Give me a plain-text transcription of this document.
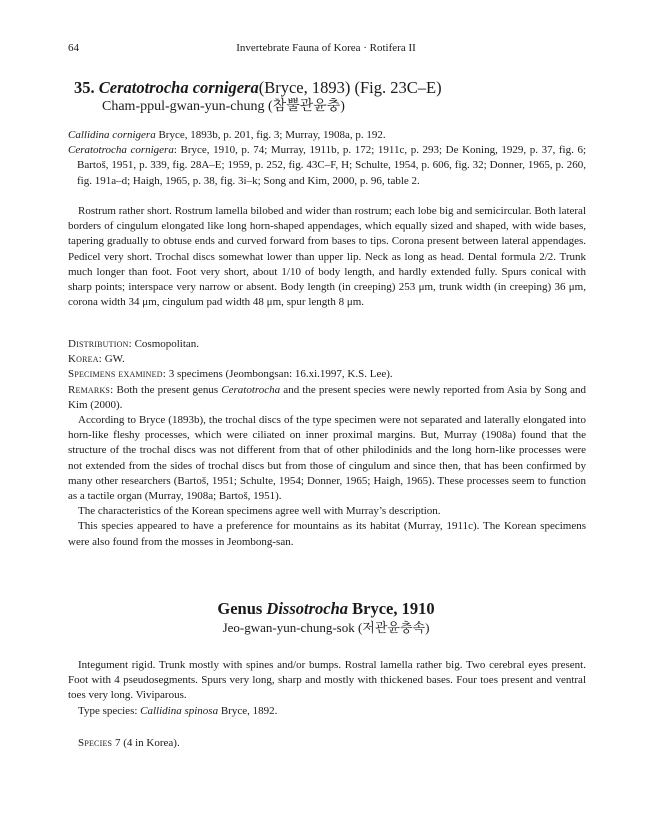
64	Invertebrate Fauna of Korea · Rotifera II
35. Ceratotrocha cornigera(Bryce, 1893) (Fig. 23C–E)
Cham-ppul-gwan-yun-chung (참뿔관윤충)
Callidina cornigera Bryce, 1893b, p. 201, fig. 3; Murray, 1908a, p. 192.
Ceratotrocha cornigera: Bryce, 1910, p. 74; Murray, 1911b, p. 172; 1911c, p. 293; De Koning, 1929, p. 37, fig. 6; Bartoš, 1951, p. 339, fig. 28A–E; 1959, p. 252, fig. 43C–F, H; Schulte, 1954, p. 606, fig. 32; Donner, 1965, p. 260, fig. 191a–d; Haigh, 1965, p. 38, fig. 3i–k; Song and Kim, 2000, p. 96, table 2.
Rostrum rather short. Rostrum lamella bilobed and wider than rostrum; each lobe big and semicircular. Both lateral borders of cingulum elongated like long horn-shaped appendages, which equally sized and shaped, with wide bases, tapering gradually to obtuse ends and curved forward from bases to tips. Corona present between lateral appendages. Pedicel very short. Trochal discs somewhat lower than upper lip. Neck as long as head. Dental formula 2/2. Trunk much longer than foot. Foot very short, about 1/10 of body length, and hardly extended fully. Spurs conical with sharp points; interspace very narrow or absent. Body length (in creeping) 253 μm, trunk width (in creeping) 36 μm, corona width 34 μm, cingulum pad width 48 μm, spur length 8 μm.
Distribution: Cosmopolitan.
Korea: GW.
Specimens examined: 3 specimens (Jeombongsan: 16.xi.1997, K.S. Lee).
Remarks: Both the present genus Ceratotrocha and the present species were newly reported from Asia by Song and Kim (2000).
According to Bryce (1893b), the trochal discs of the type specimen were not separated and laterally elongated into horn-like fleshy processes, which were ciliated on inner proximal margins. But, Murray (1908a) found that the structure of the trochal discs was not different from that of other philodinids and the long horn-like processes were not extended from the sides of trochal discs but from those of cingulum and since then, that has been confirmed by many other researchers (Bartoš, 1951; Schulte, 1954; Donner, 1965; Haigh, 1965). These processes seem to function as a tactile organ (Murray, 1908a; Bartoš, 1951).
The characteristics of the Korean specimens agree well with Murray’s description.
This species appeared to have a preference for mountains as its habitat (Murray, 1911c). The Korean specimens were also found from the mosses in Jeombong-san.
Genus Dissotrocha Bryce, 1910
Jeo-gwan-yun-chung-sok (저관윤충속)
Integument rigid. Trunk mostly with spines and/or bumps. Rostral lamella rather big. Two cerebral eyes present. Foot with 4 pseudosegments. Spurs very long, sharp and mostly with thickened bases. Four toes present and ventral toes very long. Viviparous.
Type species: Callidina spinosa Bryce, 1892.
Species 7 (4 in Korea).
